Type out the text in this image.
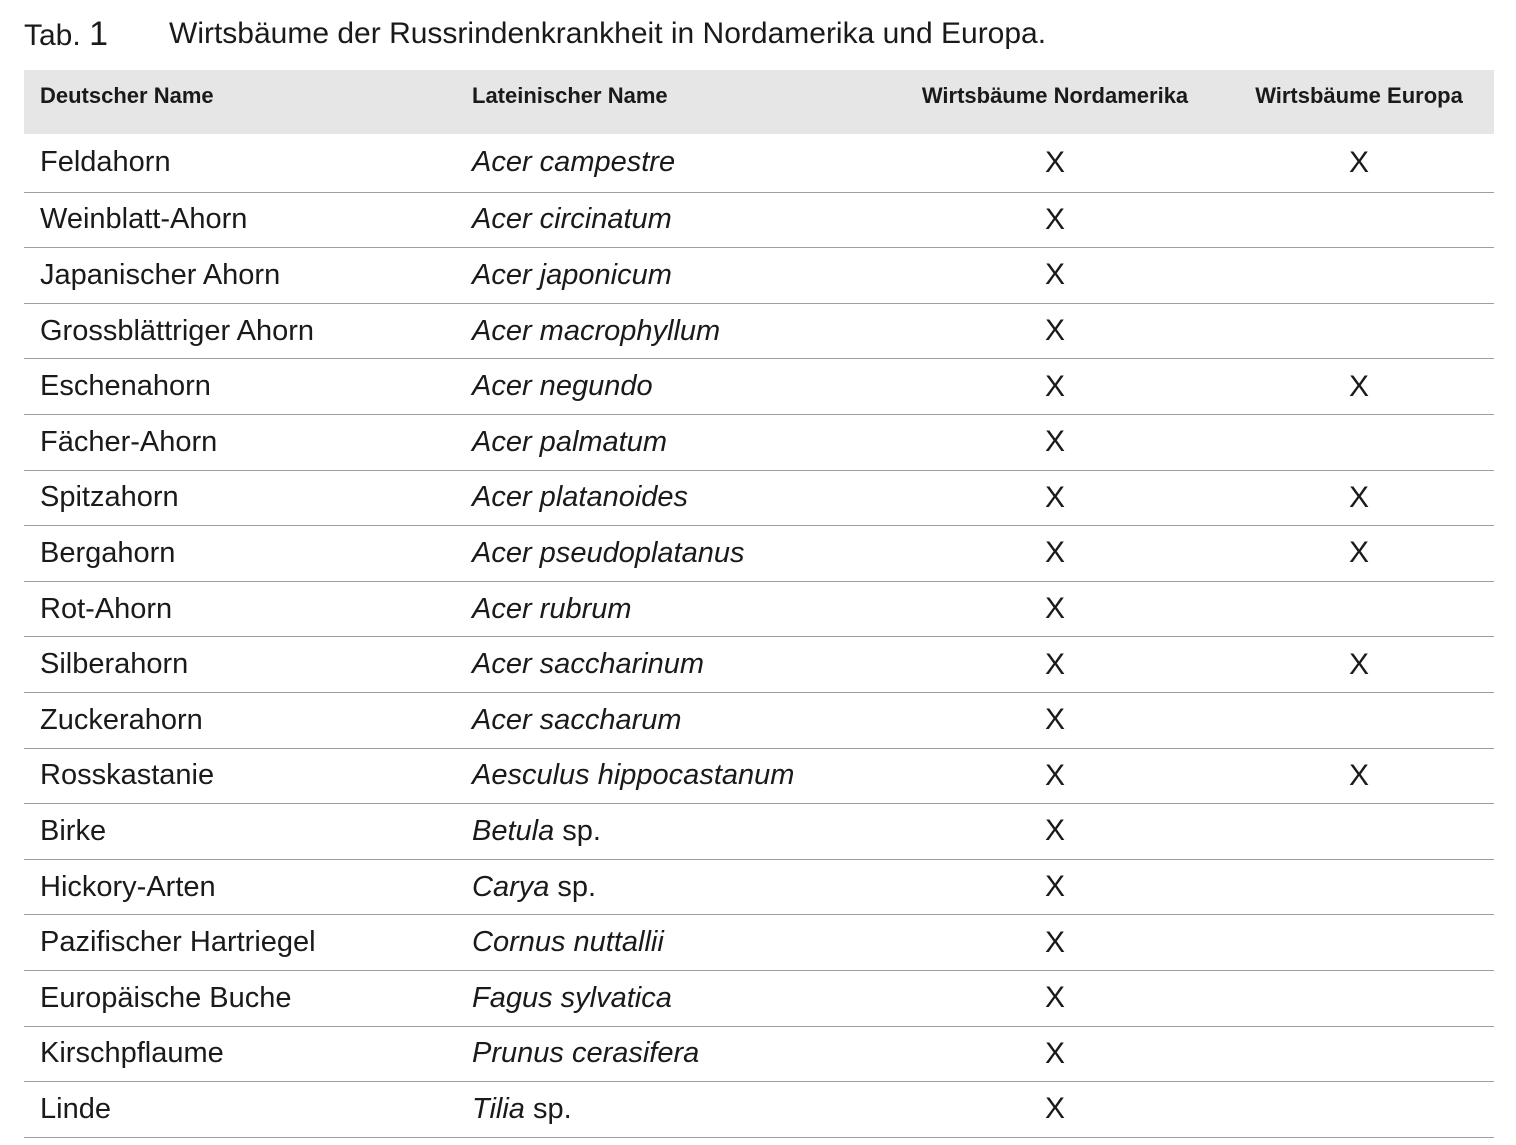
Tab. 1 Wirtsbäume der Russrindenkrankheit in Nordamerika und Europa.
Deutscher Name	Lateinischer Name	Wirtsbäume Nordamerika	Wirtsbäume Europa
Feldahorn	Acer campestre	X	X
Weinblatt-Ahorn	Acer circinatum	X
Japanischer Ahorn	Acer japonicum	X
Grossblättriger Ahorn	Acer macrophyllum	X
Eschenahorn	Acer negundo	X	X
Fächer-Ahorn	Acer palmatum	X
Spitzahorn	Acer platanoides	X	X
Bergahorn	Acer pseudoplatanus	X	X
Rot-Ahorn	Acer rubrum	X
Silberahorn	Acer saccharinum	X	X
Zuckerahorn	Acer saccharum	X
Rosskastanie	Aesculus hippocastanum	X	X
Birke	Betula sp.	X
Hickory-Arten	Carya sp.	X
Pazifischer Hartriegel	Cornus nuttallii	X
Europäische Buche	Fagus sylvatica	X
Kirschpflaume	Prunus cerasifera	X
Linde	Tilia sp.	X
